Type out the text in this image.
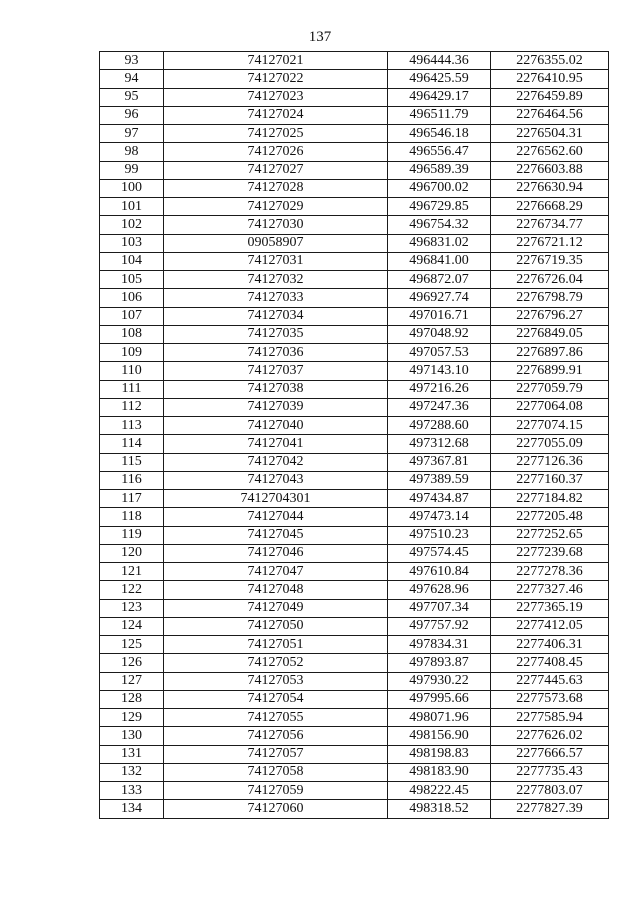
137
93	74127021	496444.36	2276355.02
94	74127022	496425.59	2276410.95
95	74127023	496429.17	2276459.89
96	74127024	496511.79	2276464.56
97	74127025	496546.18	2276504.31
98	74127026	496556.47	2276562.60
99	74127027	496589.39	2276603.88
100	74127028	496700.02	2276630.94
101	74127029	496729.85	2276668.29
102	74127030	496754.32	2276734.77
103	09058907	496831.02	2276721.12
104	74127031	496841.00	2276719.35
105	74127032	496872.07	2276726.04
106	74127033	496927.74	2276798.79
107	74127034	497016.71	2276796.27
108	74127035	497048.92	2276849.05
109	74127036	497057.53	2276897.86
110	74127037	497143.10	2276899.91
111	74127038	497216.26	2277059.79
112	74127039	497247.36	2277064.08
113	74127040	497288.60	2277074.15
114	74127041	497312.68	2277055.09
115	74127042	497367.81	2277126.36
116	74127043	497389.59	2277160.37
117	7412704301	497434.87	2277184.82
118	74127044	497473.14	2277205.48
119	74127045	497510.23	2277252.65
120	74127046	497574.45	2277239.68
121	74127047	497610.84	2277278.36
122	74127048	497628.96	2277327.46
123	74127049	497707.34	2277365.19
124	74127050	497757.92	2277412.05
125	74127051	497834.31	2277406.31
126	74127052	497893.87	2277408.45
127	74127053	497930.22	2277445.63
128	74127054	497995.66	2277573.68
129	74127055	498071.96	2277585.94
130	74127056	498156.90	2277626.02
131	74127057	498198.83	2277666.57
132	74127058	498183.90	2277735.43
133	74127059	498222.45	2277803.07
134	74127060	498318.52	2277827.39
